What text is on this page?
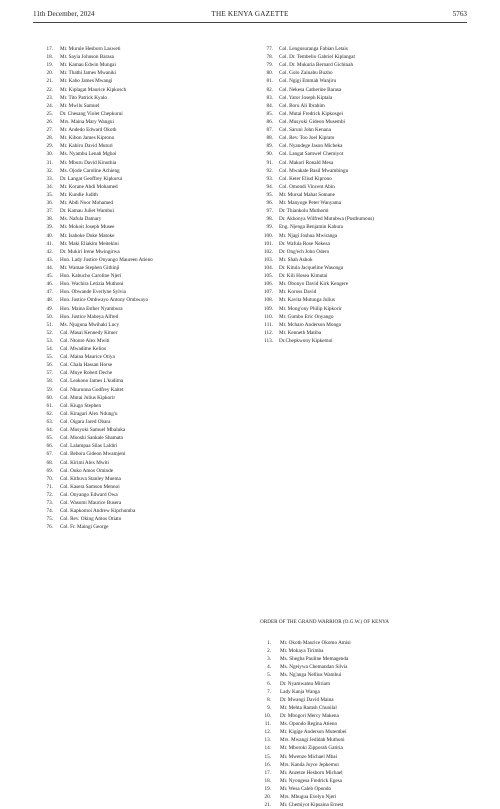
11th December, 2024	THE KENYA GAZETTE	5763
17. Mr. Murule Hesborn Lasweti
18. Mr. Sayia Johnson Barasa
19. Mr. Kamau Edwin Mungai
20. Mr. Thathi James Mwaniki
21. Mr. Kabo James Mwangi
22. Mr. Kiplagat Maurice Kipkosch
23. Mr. Tito Patrick Kyalo
24. Mr. Mwilu Samuel
25. Dr. Chesang Violet Chepkurui
26. Mrs. Maina Mary Wangui
27. Mr. Andedo Edward Okoth
28. Mr. Kibon James Kiprono
29. Mr. Kabiru David Muturi
30. Ms. Nyambu Lenah Mghoi
31. Mr. Mburu David Kinuthia
32. Ms. Ojode Caroline Achieng
33. Dr. Langat Geoffrey Kipkurui
34. Mr. Korane Abdi Mohamed
35. Mr. Kundie Judith
36. Mr. Abdi Noor Mohamed
37. Dr. Kamau Juliet Wambui
38. Ms. Nafula Damary
39. Mr. Mokoit Joseph Musee
40. Mr. Isaboke Duke Matoke
41. Mr. Maki Eliakim Meitekini
42. Dr. Mukiri Irene Mwingirwa
43. Hon. Lady Justice Onyango Maureen Atieno
44. Mr. Wamae Stephen Githinji
45. Hon. Kabucho Caroline Njeri
46. Hon. Wachira Letizia Muthoni
47. Hon. Obwande Everlyne Sylvia
48. Hon. Justice Ombwayo Antony Ombwayo
49. Hon. Maina Esther Nyambura
50. Hon. Justice Mabeya Alfred
51. Ms. Njuguna Mwihaki Lucy
52. Col. Masai Kennedy Kituer
53. Col. Ntonre Alex Mwiti
54. Col. Mwadime Kelios
55. Col. Maina Maurice Otiya
56. Col. Chala Hassan Horse
57. Col. Muye Robert Deche
58. Col. Leakono James L'kudima
59. Col. Nkurunna Godfrey Kaitet
60. Col. Mutai Julius Kipkorir
61. Col. Kiugo Stephen
62. Col. Kiragari Alex Ndung'u
63. Col. Oigara Jared Obara
64. Col. Musyoki Samuel Mbaluka
65. Col. Mooshi Sankale Shamata
66. Col. Lalampaa Silas Laldiri
67. Col. Bebora Gideon Mwamjeni
68. Col. Kirimi Alex Mwiti
69. Col. Ouko Amos Ominde
70. Col. Kithuva Stanley Muema
71. Col. Kasera Samson Mennoi
72. Col. Onyango Edward Owa
73. Col. Wasomi Maurice Busera
74. Col. Kapkomoi Andrew Kipchumba
75. Col. Rev. Oking Amos Otiato
76. Col. Fr. Maingi George
77. Col. Lengusuranga Fabian Letais
78. Col. Dr. Tembelio Gabriel Kiplangat
79. Col. Dr. Mukuria Bernard Gichinah
80. Col. Golo Zainabu Buzho
81. Col. Ngigi Emmah Wanjiru
82. Col. Nekesa Catherine Barasa
83. Col. Yator Joseph Kiptala
84. Col. Boru Ali Ibrahim
85. Col. Mutai Fredrick Kipkosgei
86. Col. Musyoki Gideon Musembi
87. Col. Saruni John Kenana
88. Col. Rev. Too Joel Kiprato
89. Col. Nyandege Jason Micheka
90. Col. Langat Samwel Chemiyot
91. Col. Makori Ronald Mesa
92. Col. Mwakale Basil Mwambingu
93. Col. Keter Eliud Kiprono
94. Col. Omondi Vincent Abin
95. Mr. Mursal Mahat Somane
96. Mr. Manyoge Peter Wanyama
97. Dr. Thiankolu Muthomi
98. Dr. Akhonya Wilfred Mutubwa (Posthumous)
99. Eng. Njenga Benjamin Kahura
100. Mr. Njagi Joshua Mwiranga
101. Dr. Wafula Rose Nekesa
102. Dr. Ong'ech John Odero
103. Mr. Shah Ashok
104. Dr. Kitula Jacqueline Wasonga
105. Dr. Kili Hosea Kimutai
106. Mr. Obonyo David Kirk Kengere
107. Mr. Koross David
108. Mr. Kavita Mutunga Julius
109. Mr. Mong'ony Philip Kipkorir
110. Mr. Gumbo Eric Onyango
111. Mr. Mcharo Anderson Mongo
112. Mr. Kenneth Matiba
113. Dr.Chepkwony Kipkemoi
ORDER OF THE GRAND WARRIOR (O.G.W.) OF KENYA
1. Mr. Okoth Maurice Okomo Amisi
2. Mr. Mokaya Tirimba
3. Ms. Shegba Pauline Memagenda
4. Ms. Ngeiywa Chemandan Silvia
5. Ms. Ng'anga Nellius Wambui
6. Dr. Nyamwamu Miriam
7. Lady Kanja Wanga
8. Dr. Mwangi David Maina
9. Mr. Mehta Ramsh Chunilal
10. Dr. Mbogori Mercy Makena
11. Ms. Opondo Regina Atieno
12. Mr. Kigige Anderson Mutembei
13. Mrs. Mwangi Jedidah Muthoni
14. Mr. Mboroki Zipporah Gatiria
15. Mr. Mwenze Michael Mbai
16. Mrs. Kanda Joyce Jepkemoi
17. Mr. Anzetze Hesborn Michael
18. Mr. Nyongesa Fredrick Egesa
19. Mr. Wesa Caleb Opondo
20. Mrs. Mbugua Evelyn Njeri
21. Mr. Chemiyot Kipsaina Ernest
